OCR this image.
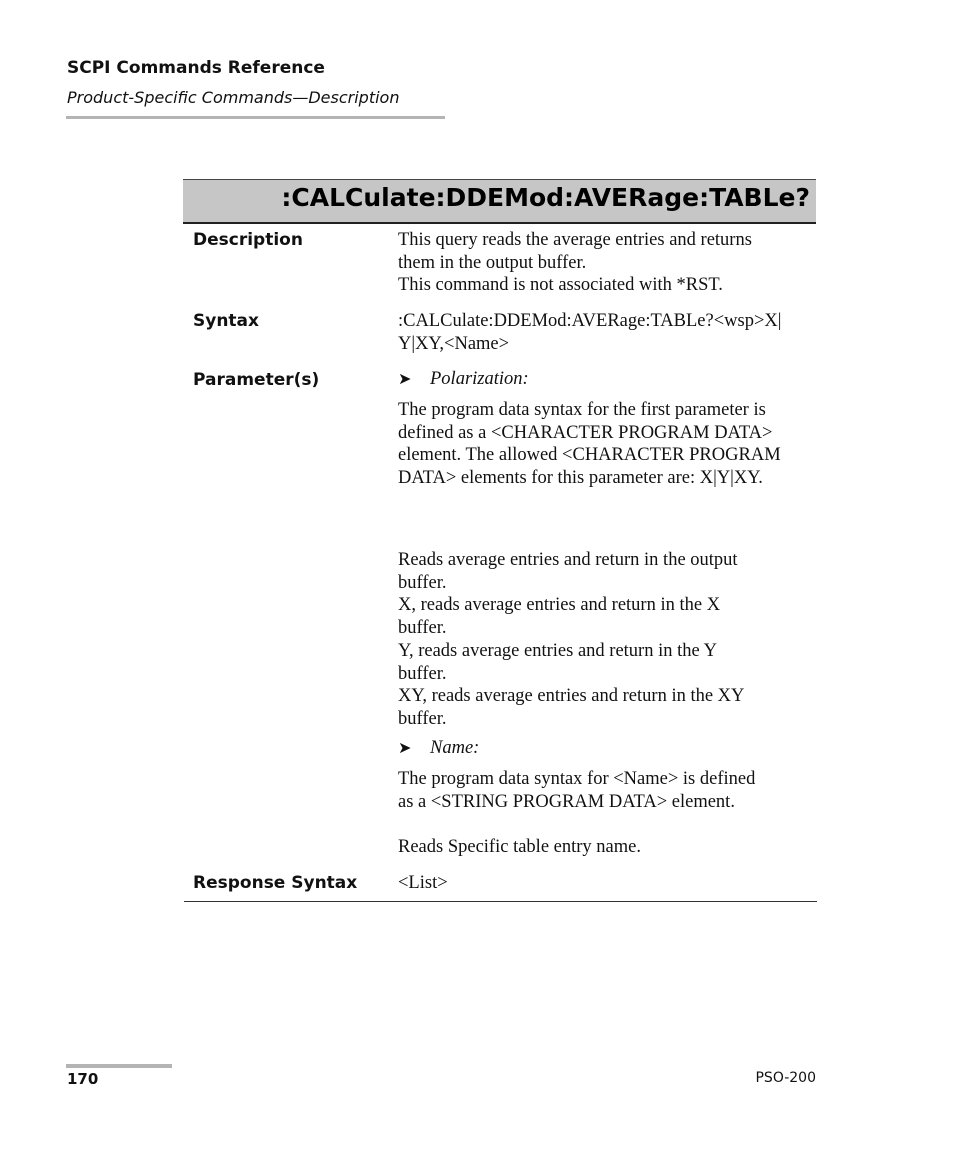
SCPI Commands Reference
Product-Specific Commands—Description
:CALCulate:DDEMod:AVERage:TABLe?
Description	This query reads the average entries and returns
them in the output buffer.
This command is not associated with *RST.
Syntax	:CALCulate:DDEMod:AVERage:TABLe?<wsp>X|
Y|XY,<Name>
Parameter(s)	➤ Polarization:
The program data syntax for the first parameter is
defined as a <CHARACTER PROGRAM DATA>
element. The allowed <CHARACTER PROGRAM
DATA> elements for this parameter are: X|Y|XY.
Reads average entries and return in the output
buffer.
X, reads average entries and return in the X
buffer.
Y, reads average entries and return in the Y
buffer.
XY, reads average entries and return in the XY
buffer.
➤ Name:
The program data syntax for <Name> is defined
as a <STRING PROGRAM DATA> element.
Reads Specific table entry name.
Response Syntax <List>
170	PSO-200
